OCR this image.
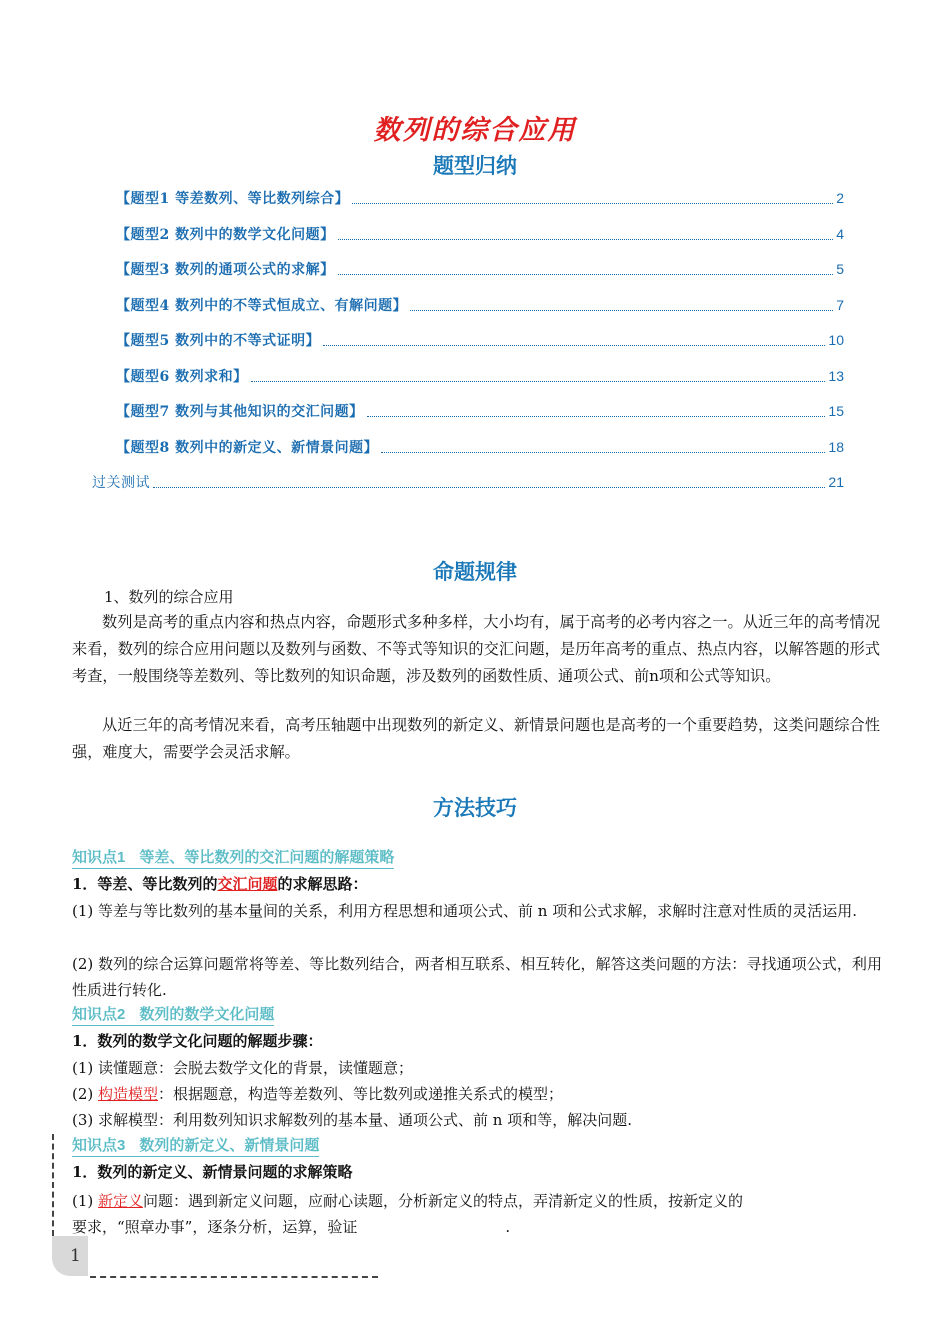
数列的综合应用
题型归纳
【题型1 等差数列、等比数列综合】	2
【题型2 数列中的数学文化问题】	4
【题型3 数列的通项公式的求解】	5
【题型4 数列中的不等式恒成立、有解问题】	7
【题型5 数列中的不等式证明】	10
【题型6 数列求和】	13
【题型7 数列与其他知识的交汇问题】	15
【题型8 数列中的新定义、新情景问题】	18
过关测试	21
命题规律
1、数列的综合应用
数列是高考的重点内容和热点内容，命题形式多种多样，大小均有，属于高考的必考内容之一。从近三年的高考情况来看，数列的综合应用问题以及数列与函数、不等式等知识的交汇问题，是历年高考的重点、热点内容，以解答题的形式考查，一般围绕等差数列、等比数列的知识命题，涉及数列的函数性质、通项公式、前n项和公式等知识。
从近三年的高考情况来看，高考压轴题中出现数列的新定义、新情景问题也是高考的一个重要趋势，这类问题综合性强，难度大，需要学会灵活求解。
方法技巧
知识点1 等差、等比数列的交汇问题的解题策略
1．等差、等比数列的交汇问题的求解思路：
(1) 等差与等比数列的基本量间的关系，利用方程思想和通项公式、前 n 项和公式求解，求解时注意对性质的灵活运用.
(2) 数列的综合运算问题常将等差、等比数列结合，两者相互联系、相互转化，解答这类问题的方法：寻找通项公式，利用性质进行转化.
知识点2 数列的数学文化问题
1．数列的数学文化问题的解题步骤：
(1) 读懂题意：会脱去数学文化的背景，读懂题意；
(2) 构造模型：根据题意，构造等差数列、等比数列或递推关系式的模型；
(3) 求解模型：利用数列知识求解数列的基本量、通项公式、前 n 项和等，解决问题.
知识点3 数列的新定义、新情景问题
1．数列的新定义、新情景问题的求解策略
(1) 新定义问题：遇到新定义问题，应耐心读题，分析新定义的特点，弄清新定义的性质，按新定义的
要求，“照章办事”，逐条分析，运算，验证	.
1
